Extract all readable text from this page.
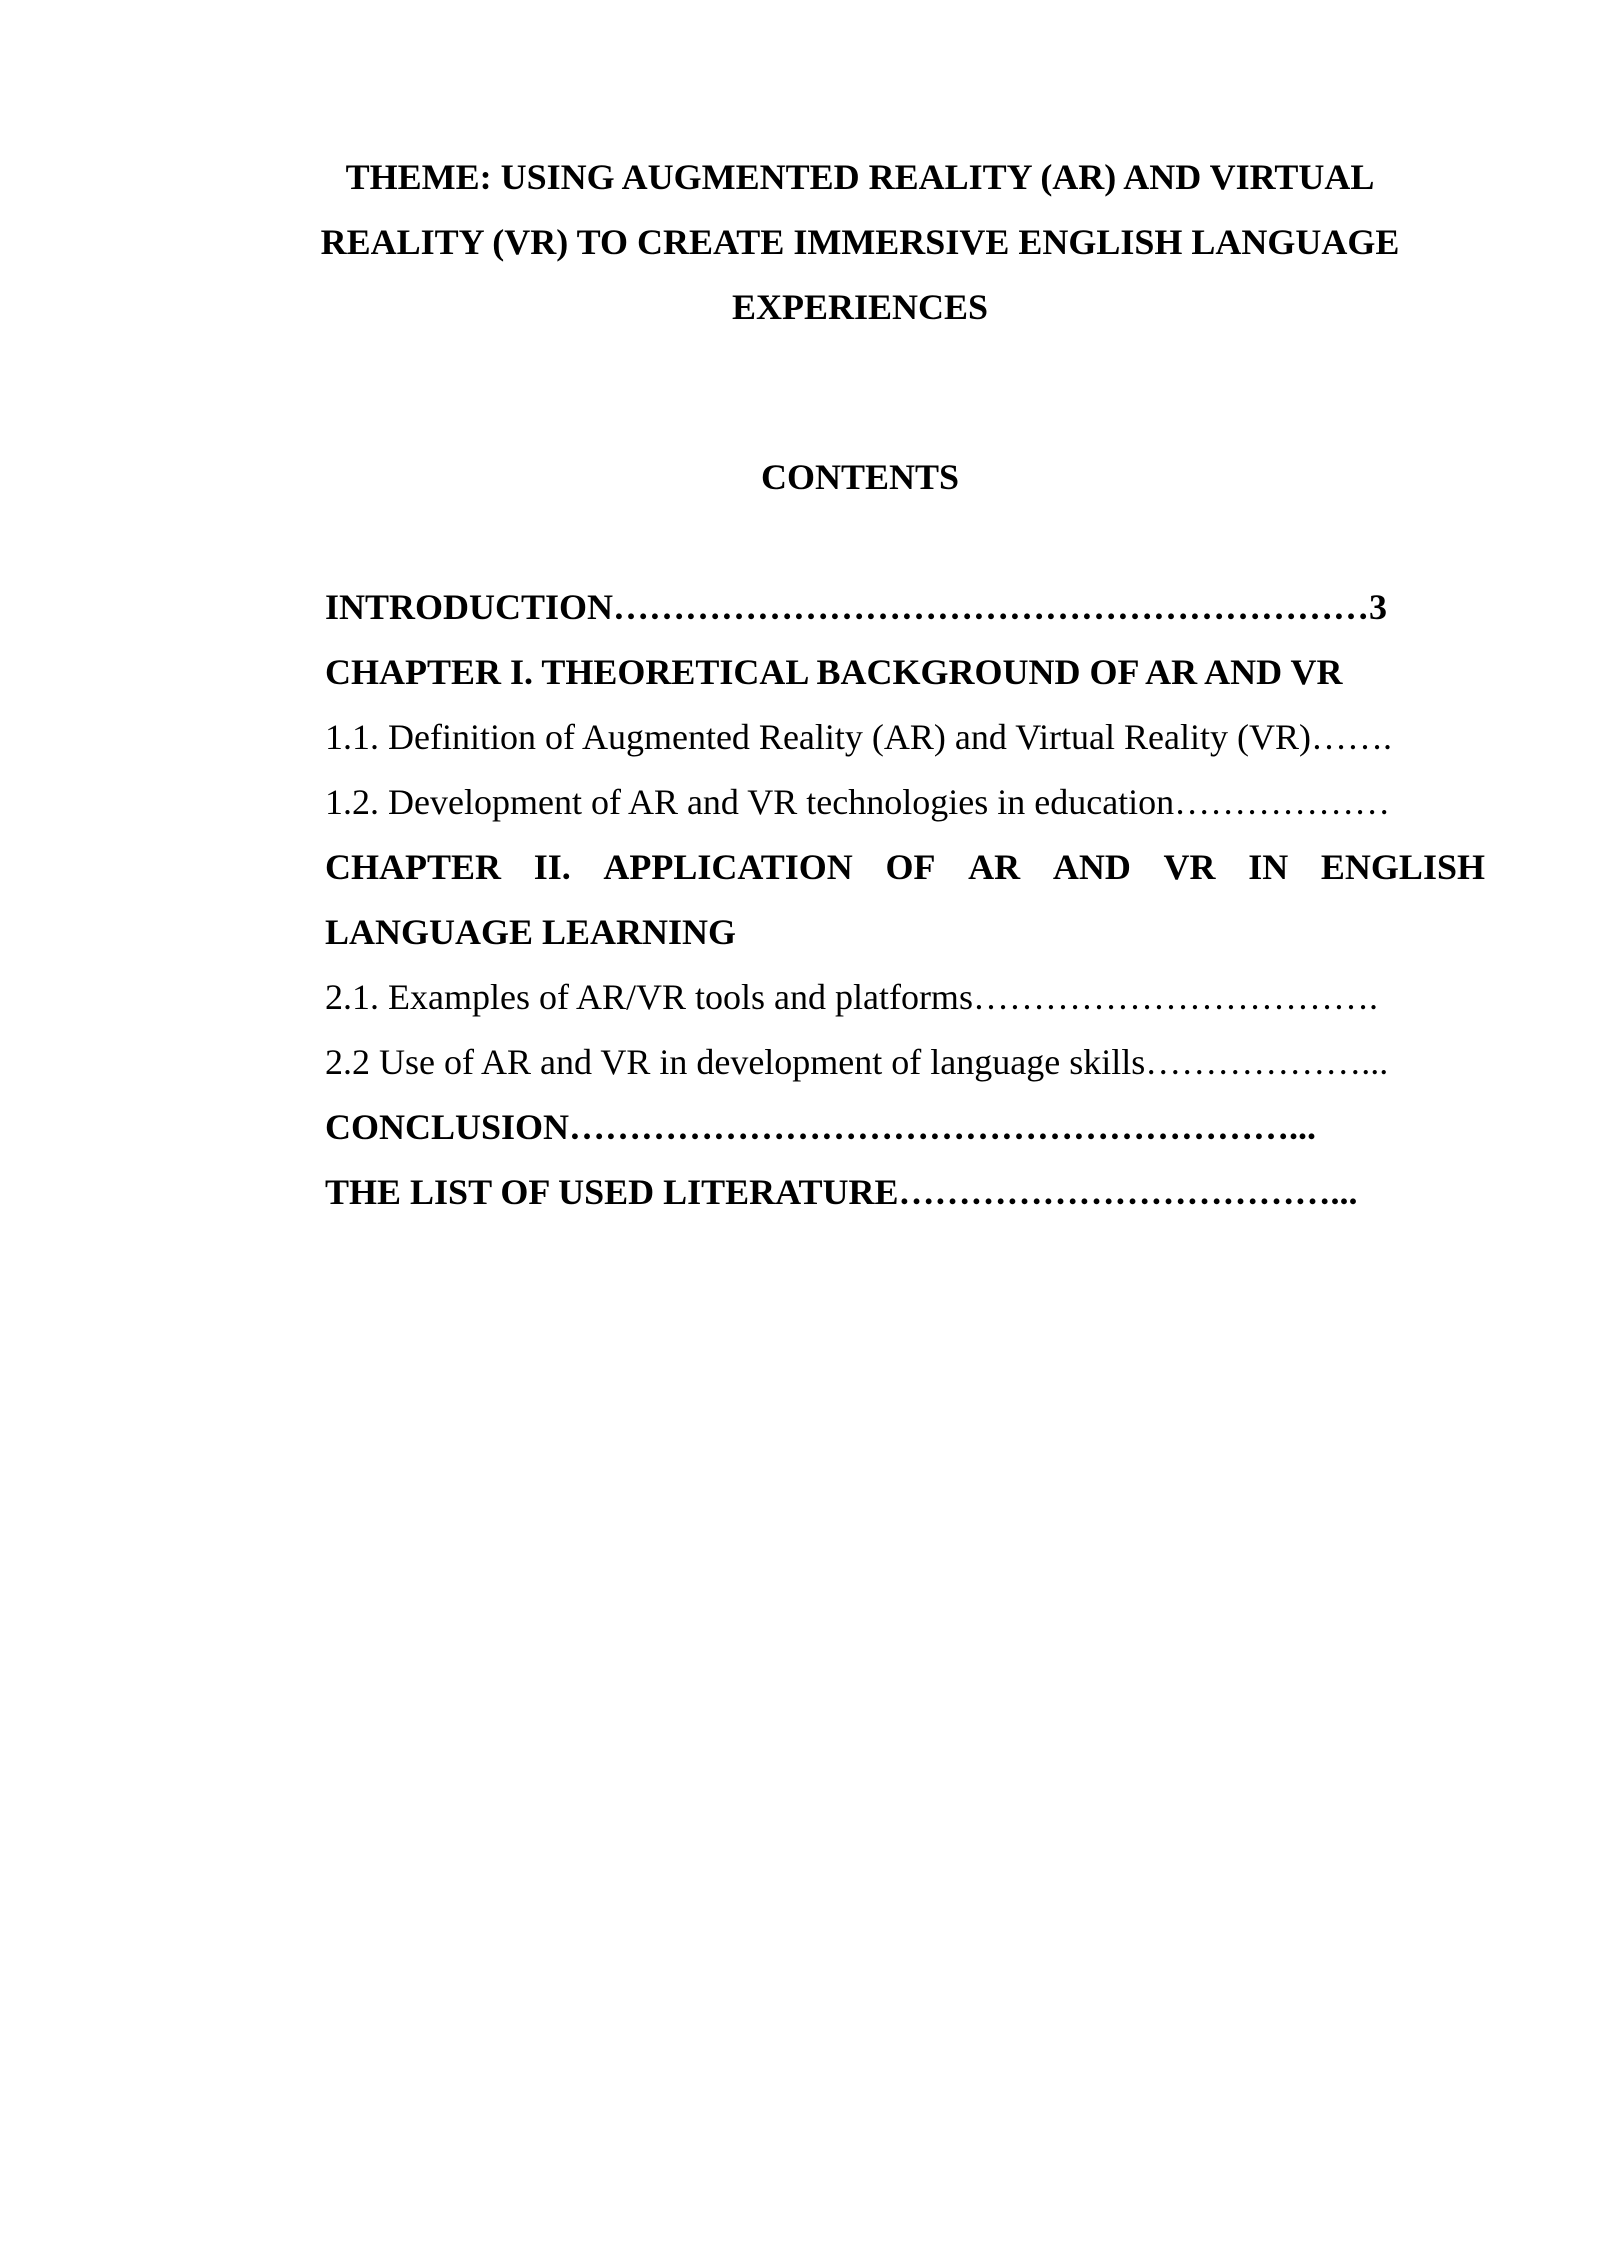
THEME: USING AUGMENTED REALITY (AR) AND VIRTUAL
REALITY (VR) TO CREATE IMMERSIVE ENGLISH LANGUAGE
EXPERIENCES
CONTENTS
INTRODUCTION………………………………………………………3
CHAPTER I. THEORETICAL BACKGROUND OF AR AND VR
1.1. Definition of Augmented Reality (AR) and Virtual Reality (VR)…….
1.2. Development of AR and VR technologies in education………………
CHAPTER II. APPLICATION OF AR AND VR IN ENGLISH
LANGUAGE LEARNING
2.1. Examples of AR/VR tools and platforms…………………………….
2.2 Use of AR and VR in development of language skills………………...
CONCLUSION……………………………………………………...
THE LIST OF USED LITERATURE………………………………...
